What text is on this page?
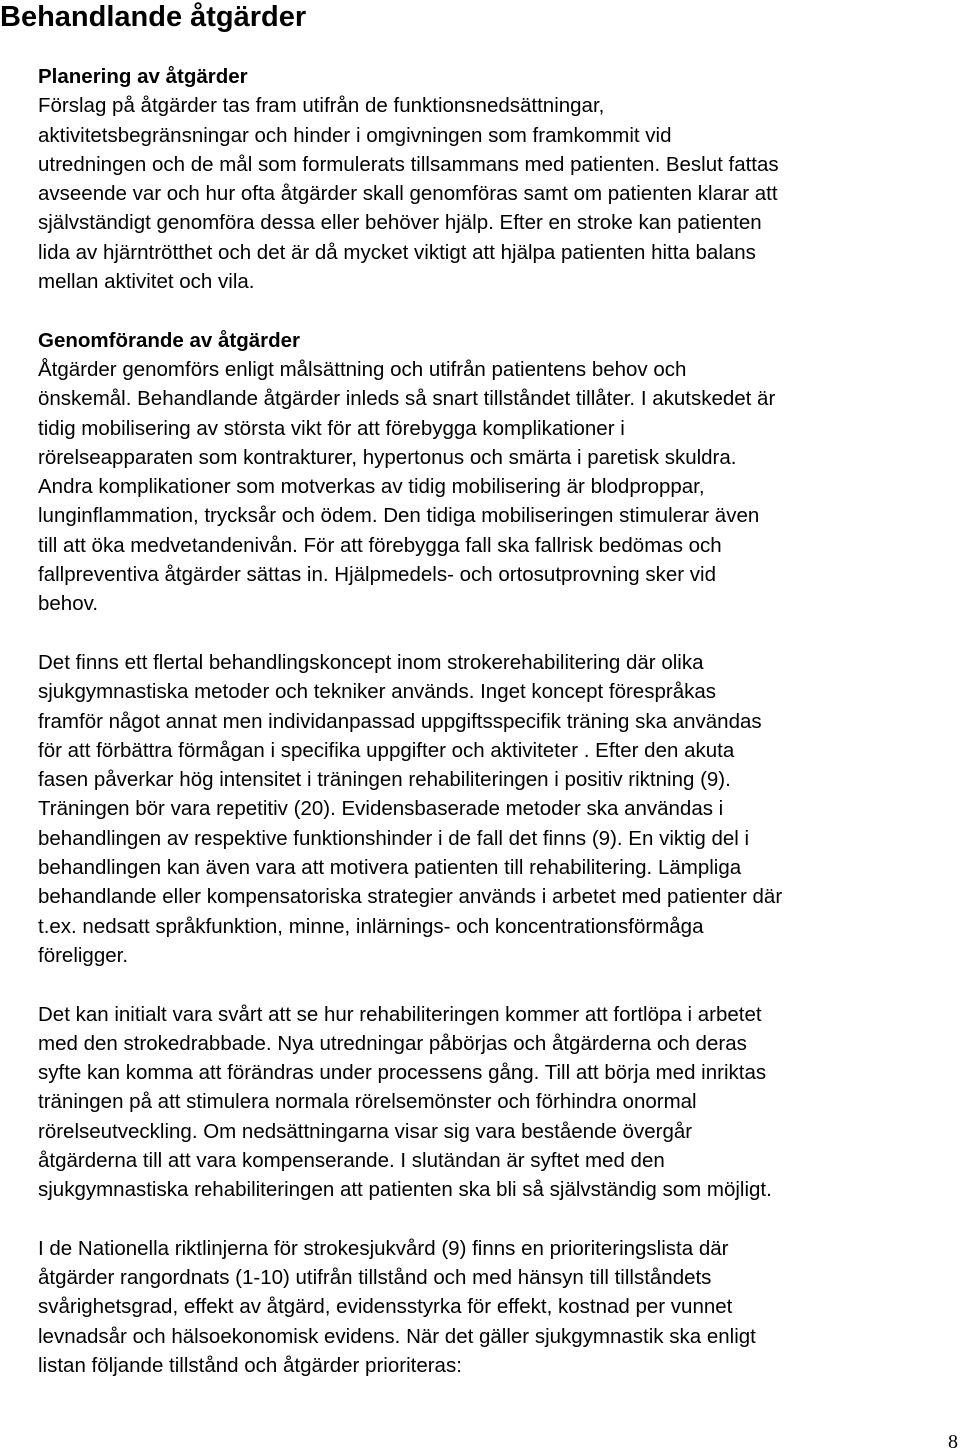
Behandlande åtgärder
Planering av åtgärder

Förslag på åtgärder tas fram utifrån de funktionsnedsättningar,
aktivitetsbegränsningar och hinder i omgivningen som framkommit vid
utredningen och de mål som formulerats tillsammans med patienten. Beslut fattas
avseende var och hur ofta åtgärder skall genomföras samt om patienten klarar att
självständigt genomföra dessa eller behöver hjälp. Efter en stroke kan patienten
lida av hjärntrötthet och det är då mycket viktigt att hjälpa patienten hitta balans
mellan aktivitet och vila.

Genomförande av åtgärder

Åtgärder genomförs enligt målsättning och utifrån patientens behov och
önskemål. Behandlande åtgärder inleds så snart tillståndet tillåter. I akutskedet är
tidig mobilisering av största vikt för att förebygga komplikationer i
rörelseapparaten som kontrakturer, hypertonus och smärta i paretisk skuldra.
Andra komplikationer som motverkas av tidig mobilisering är blodproppar,
lunginflammation, trycksår och ödem. Den tidiga mobiliseringen stimulerar även
till att öka medvetandenivån. För att förebygga fall ska fallrisk bedömas och
fallpreventiva åtgärder sättas in. Hjälpmedels- och ortosutprovning sker vid
behov.

Det finns ett flertal behandlingskoncept inom strokerehabilitering där olika
sjukgymnastiska metoder och tekniker används. Inget koncept förespråkas
framför något annat men individanpassad uppgiftsspecifik träning ska användas
för att förbättra förmågan i specifika uppgifter och aktiviteter . Efter den akuta
fasen påverkar hög intensitet i träningen rehabiliteringen i positiv riktning (9).
Träningen bör vara repetitiv (20). Evidensbaserade metoder ska användas i
behandlingen av respektive funktionshinder i de fall det finns (9). En viktig del i
behandlingen kan även vara att motivera patienten till rehabilitering. Lämpliga
behandlande eller kompensatoriska strategier används i arbetet med patienter där
t.ex. nedsatt språkfunktion, minne, inlärnings- och koncentrationsförmåga
föreligger.

Det kan initialt vara svårt att se hur rehabiliteringen kommer att fortlöpa i arbetet
med den strokedrabbade. Nya utredningar påbörjas och åtgärderna och deras
syfte kan komma att förändras under processens gång. Till att börja med inriktas
träningen på att stimulera normala rörelsemönster och förhindra onormal
rörelseutveckling. Om nedsättningarna visar sig vara bestående övergår
åtgärderna till att vara kompenserande. I slutändan är syftet med den
sjukgymnastiska rehabiliteringen att patienten ska bli så självständig som möjligt.

I de Nationella riktlinjerna för strokesjukvård (9) finns en prioriteringslista där
åtgärder rangordnats (1-10) utifrån tillstånd och med hänsyn till tillståndets
svårighetsgrad, effekt av åtgärd, evidensstyrka för effekt, kostnad per vunnet
levnadsår och hälsoekonomisk evidens. När det gäller sjukgymnastik ska enligt
listan följande tillstånd och åtgärder prioriteras:

8
